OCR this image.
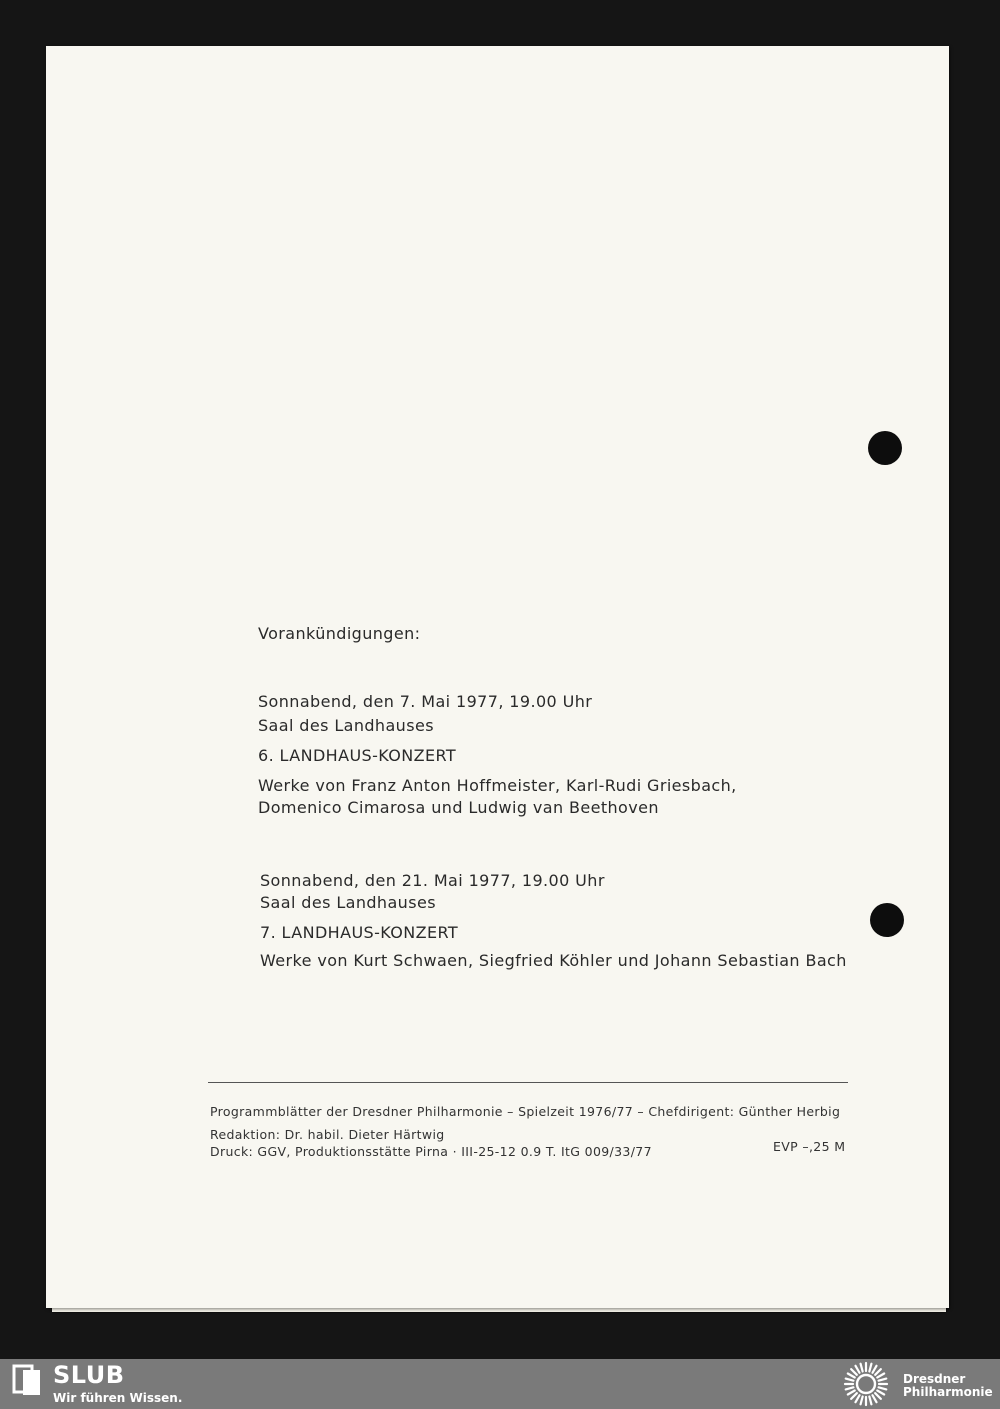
Vorankündigungen:
Sonnabend, den 7. Mai 1977, 19.00 Uhr
Saal des Landhauses
6. LANDHAUS-KONZERT
Werke von Franz Anton Hoffmeister, Karl-Rudi Griesbach,
Domenico Cimarosa und Ludwig van Beethoven
Sonnabend, den 21. Mai 1977, 19.00 Uhr
Saal des Landhauses
7. LANDHAUS-KONZERT
Werke von Kurt Schwaen, Siegfried Köhler und Johann Sebastian Bach
Programmblätter der Dresdner Philharmonie – Spielzeit 1976/77 – Chefdirigent: Günther Herbig
Redaktion: Dr. habil. Dieter Härtwig
Druck: GGV, Produktionsstätte Pirna · III-25-12 0.9 T. ItG 009/33/77	EVP –,25 M
SLUB
Wir führen Wissen.
Dresdner
Philharmonie
